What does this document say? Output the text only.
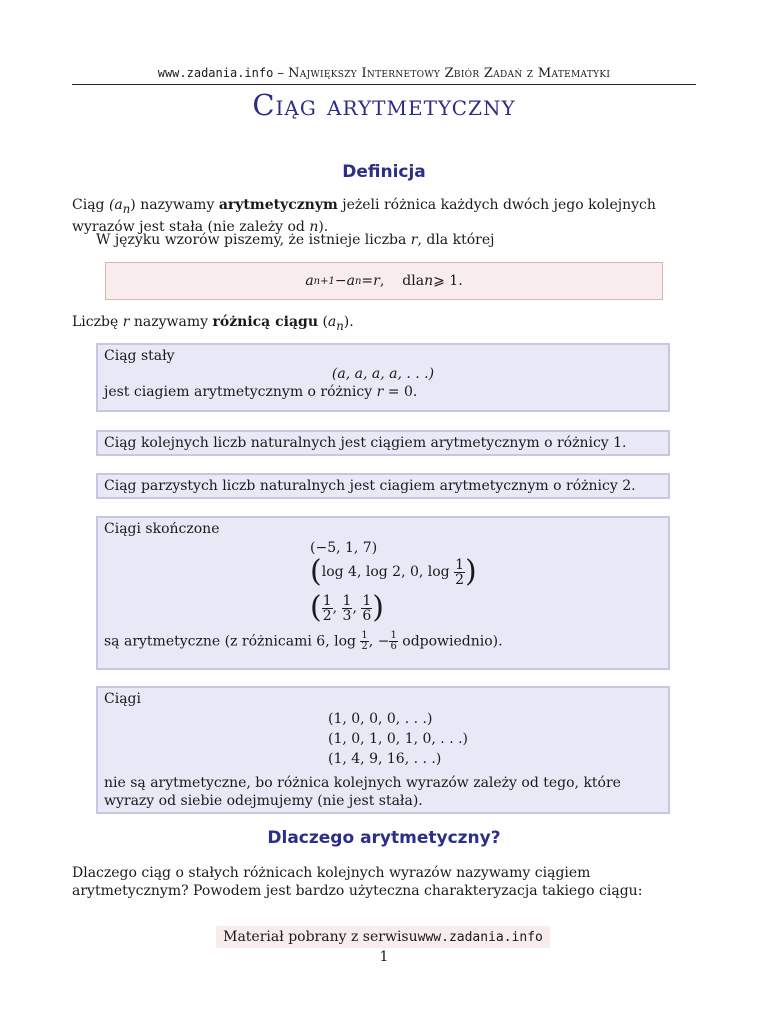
www.zadania.info – Największy Internetowy Zbiór Zadań z Matematyki
Ciąg arytmetyczny
Definicja
Ciąg $(a_n)$ nazywamy arytmetycznym jeżeli różnica każdych dwóch jego kolejnych wyrazów jest stała (nie zależy od n).
W języku wzorów piszemy, że istnieje liczba r, dla której
a n+1 − a n = r , dla n ⩾ 1.
Liczbę r nazywamy różnicą ciągu $(a_n)$.
Ciąg stały
(a, a, a, a, . . .)
jest ciagiem arytmetycznym o różnicy r = 0.
Ciąg kolejnych liczb naturalnych jest ciągiem arytmetycznym o różnicy 1.
Ciąg parzystych liczb naturalnych jest ciagiem arytmetycznym o różnicy 2.
Ciągi skończone
(−5, 1, 7)
(log 4, log 2, 0, $\log \frac{1}{2}$ )
( $\frac{1}{2}$ , $\frac{1}{3}$ , $\frac{1}{6}$ )
są arytmetyczne (z różnicami 6, $\log \frac{1}{2}$ , − $\frac{1}{6}$ odpowiednio).
Ciągi
(1, 0, 0, 0, . . .)
(1, 0, 1, 0, 1, 0, . . .)
(1, 4, 9, 16, . . .)
nie są arytmetyczne, bo różnica kolejnych wyrazów zależy od tego, które wyrazy od siebie odejmujemy (nie jest stała).
Dlaczego arytmetyczny?
Dlaczego ciąg o stałych różnicach kolejnych wyrazów nazywamy ciągiem arytmetycznym? Powodem jest bardzo użyteczna charakteryzacja takiego ciągu:
Materiał pobrany z serwisu www.zadania.info
1
